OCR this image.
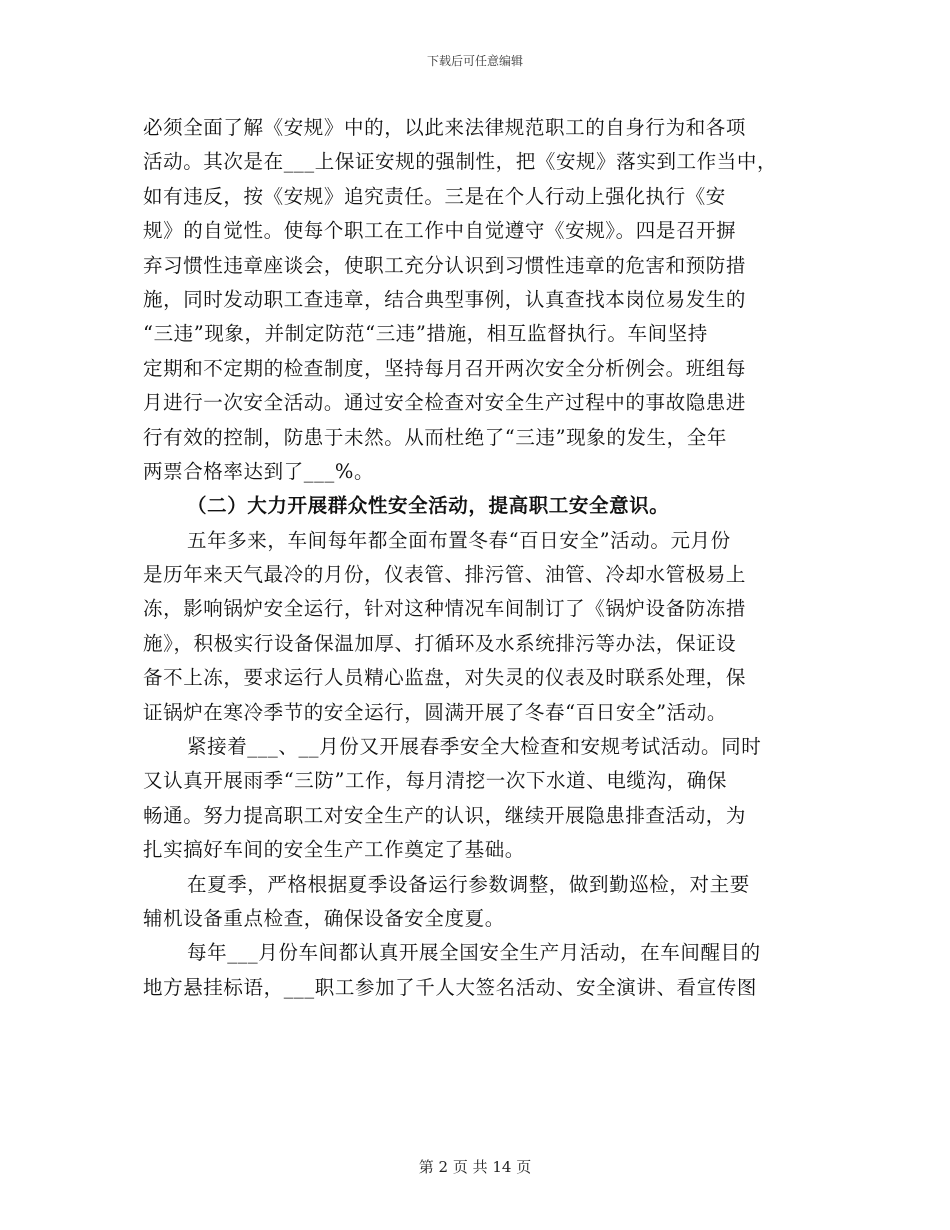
下载后可任意编辑
必须全面了解《安规》中的，以此来法律规范职工的自身行为和各项
活动。其次是在___上保证安规的强制性，把《安规》落实到工作当中，
如有违反，按《安规》追究责任。三是在个人行动上强化执行《安
规》的自觉性。使每个职工在工作中自觉遵守《安规》。四是召开摒
弃习惯性违章座谈会，使职工充分认识到习惯性违章的危害和预防措
施，同时发动职工查违章，结合典型事例，认真查找本岗位易发生的
“三违”现象，并制定防范“三违”措施，相互监督执行。车间坚持
定期和不定期的检查制度，坚持每月召开两次安全分析例会。班组每
月进行一次安全活动。通过安全检查对安全生产过程中的事故隐患进
行有效的控制，防患于未然。从而杜绝了“三违”现象的发生，全年
两票合格率达到了___%。
（二）大力开展群众性安全活动，提高职工安全意识。
五年多来，车间每年都全面布置冬春“百日安全”活动。元月份
是历年来天气最冷的月份，仪表管、排污管、油管、冷却水管极易上
冻，影响锅炉安全运行，针对这种情况车间制订了《锅炉设备防冻措
施》，积极实行设备保温加厚、打循环及水系统排污等办法，保证设
备不上冻，要求运行人员精心监盘，对失灵的仪表及时联系处理，保
证锅炉在寒冷季节的安全运行，圆满开展了冬春“百日安全”活动。
紧接着___、__月份又开展春季安全大检查和安规考试活动。同时
又认真开展雨季“三防”工作，每月清挖一次下水道、电缆沟，确保
畅通。努力提高职工对安全生产的认识，继续开展隐患排查活动，为
扎实搞好车间的安全生产工作奠定了基础。
在夏季，严格根据夏季设备运行参数调整，做到勤巡检，对主要
辅机设备重点检查，确保设备安全度夏。
每年___月份车间都认真开展全国安全生产月活动，在车间醒目的
地方悬挂标语，___职工参加了千人大签名活动、安全演讲、看宣传图
第 2 页 共 14 页
